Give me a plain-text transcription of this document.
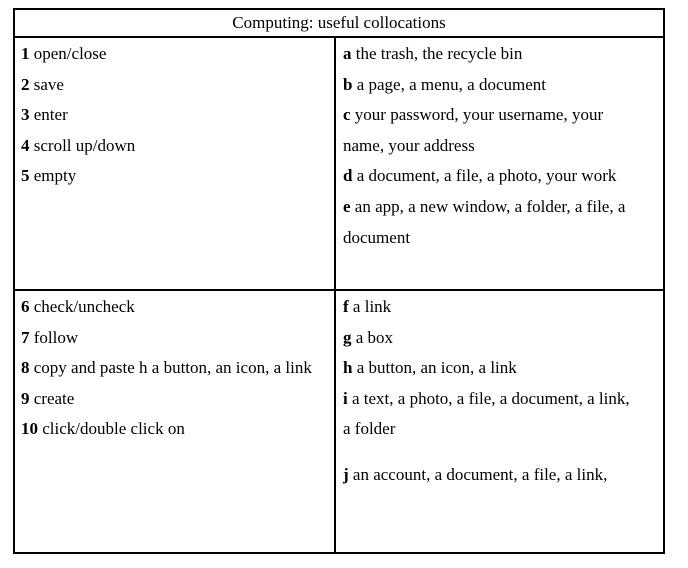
Computing: useful collocations
1 open/close
2 save
3 enter
4 scroll up/down
5 empty
a the trash, the recycle bin
b a page, a menu, a document
c your password, your username, your
name, your address
d a document, a file, a photo, your work
e an app, a new window, a folder, a file, a
document
6 check/uncheck
7 follow
8 copy and paste h a button, an icon, a link
9 create
10 click/double click on
f a link
g a box
h a button, an icon, a link
i a text, a photo, a file, a document, a link,
a folder
j an account, a document, a file, a link,
